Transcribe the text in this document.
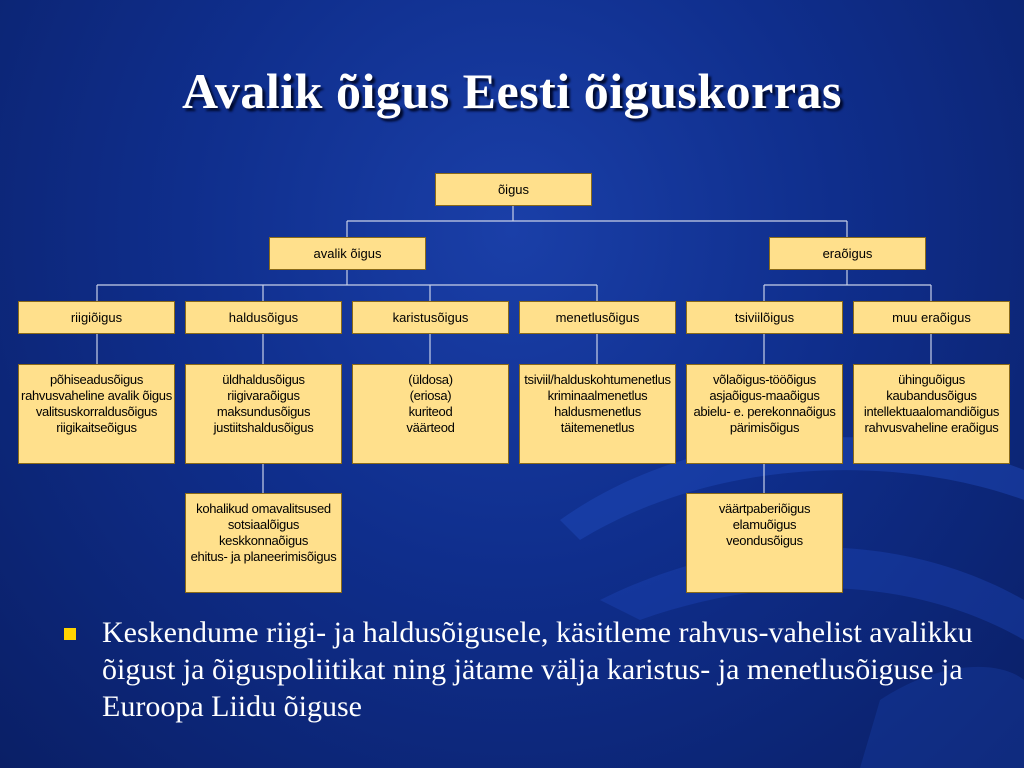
Avalik õigus Eesti õiguskorras
õigus
avalik õigus	eraõigus
riigiõigus	haldusõigus	karistusõigus	menetlusõigus	tsiviilõigus	muu eraõigus
põhiseadusõigus
rahvusvaheline avalik õigus
valitsuskorraldusõigus
riigikaitseõigus
üldhaldusõigus
riigivaraõigus
maksundusõigus
justiitshaldusõigus
(üldosa)
(eriosa)
kuriteod
väärteod
tsiviil/halduskohtumenetlus
kriminaalmenetlus
haldusmenetlus
täitemenetlus
võlaõigus-tööõigus
asjaõigus-maaõigus
abielu- e. perekonnaõigus
pärimisõigus
ühinguõigus
kaubandusõigus
intellektuaalomandiõigus
rahvusvaheline eraõigus
kohalikud omavalitsused
sotsiaalõigus
keskkonnaõigus
ehitus- ja planeerimisõigus
väärtpaberiõigus
elamuõigus
veondusõigus
Keskendume riigi- ja haldusõigusele, käsitleme rahvus-vahelist avalikku õigust ja õiguspoliitikat ning jätame välja karistus- ja menetlusõiguse ja Euroopa Liidu õiguse
